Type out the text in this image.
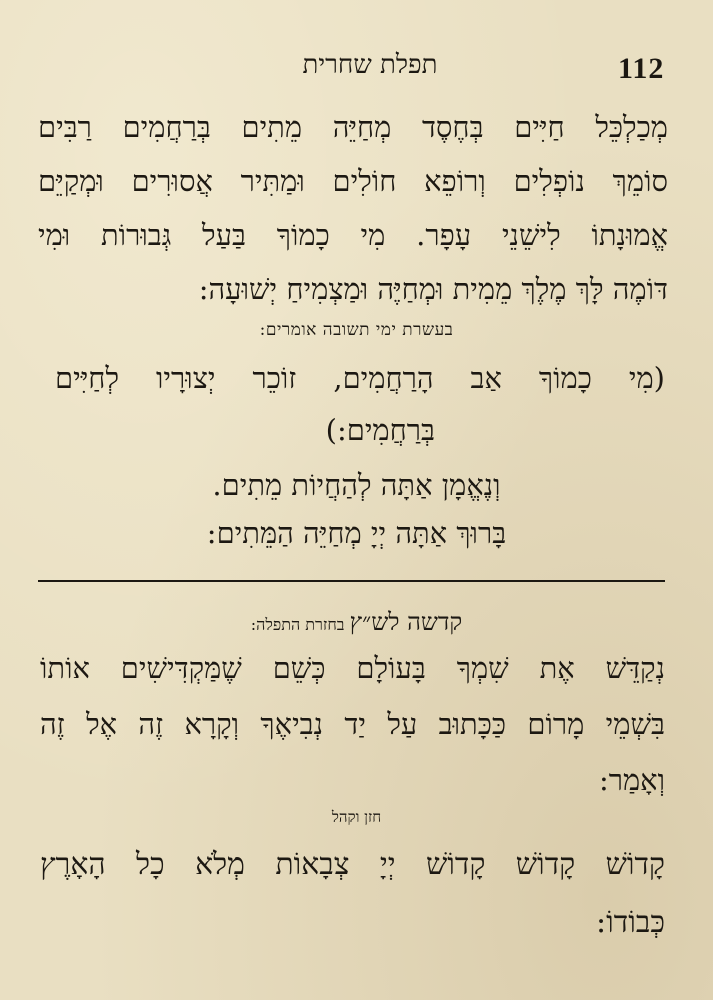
112
תפלת שחרית
מְכַלְכֵּל חַיִּים בְּחֶסֶד מְחַיֵּה מֵתִים בְּרַחֲמִים רַבִּים
סוֹמֵךְ נוֹפְלִים וְרוֹפֵא חוֹלִים וּמַתִּיר אֲסוּרִים וּמְקַיֵּם
אֱמוּנָתוֹ לִישֵׁנֵי עָפָר. מִי כָמוֹךָ בַּעַל גְּבוּרוֹת וּמִי
דּוֹמֶה לָּךְ מֶלֶךְ מֵמִית וּמְחַיֶּה וּמַצְמִיחַ יְשׁוּעָה:
בעשרת ימי תשובה אומרים:
(מִי כָמוֹךָ אַב הָרַחֲמִים, זוֹכֵר יְצוּרָיו לְחַיִּים
בְּרַחֲמִים:)
וְנֶאֱמָן אַתָּה לְהַחֲיוֹת מֵתִים.
בָּרוּךְ אַתָּה יְיָ מְחַיֵּה הַמֵּתִים:
קדשה לש״ץ בחזרת התפלה:
נְקַדֵּשׁ אֶת שִׁמְךָ בָּעוֹלָם כְּשֵׁם שֶׁמַּקְדִּישִׁים אוֹתוֹ
בִּשְׁמֵי מָרוֹם כַּכָּתוּב עַל יַד נְבִיאֶךָ וְקָרָא זֶה אֶל זֶה
וְאָמַר:
חזן וקהל
קָדוֹשׁ קָדוֹשׁ קָדוֹשׁ יְיָ צְבָאוֹת מְלֹא כָל הָאָרֶץ
כְּבוֹדוֹ:
